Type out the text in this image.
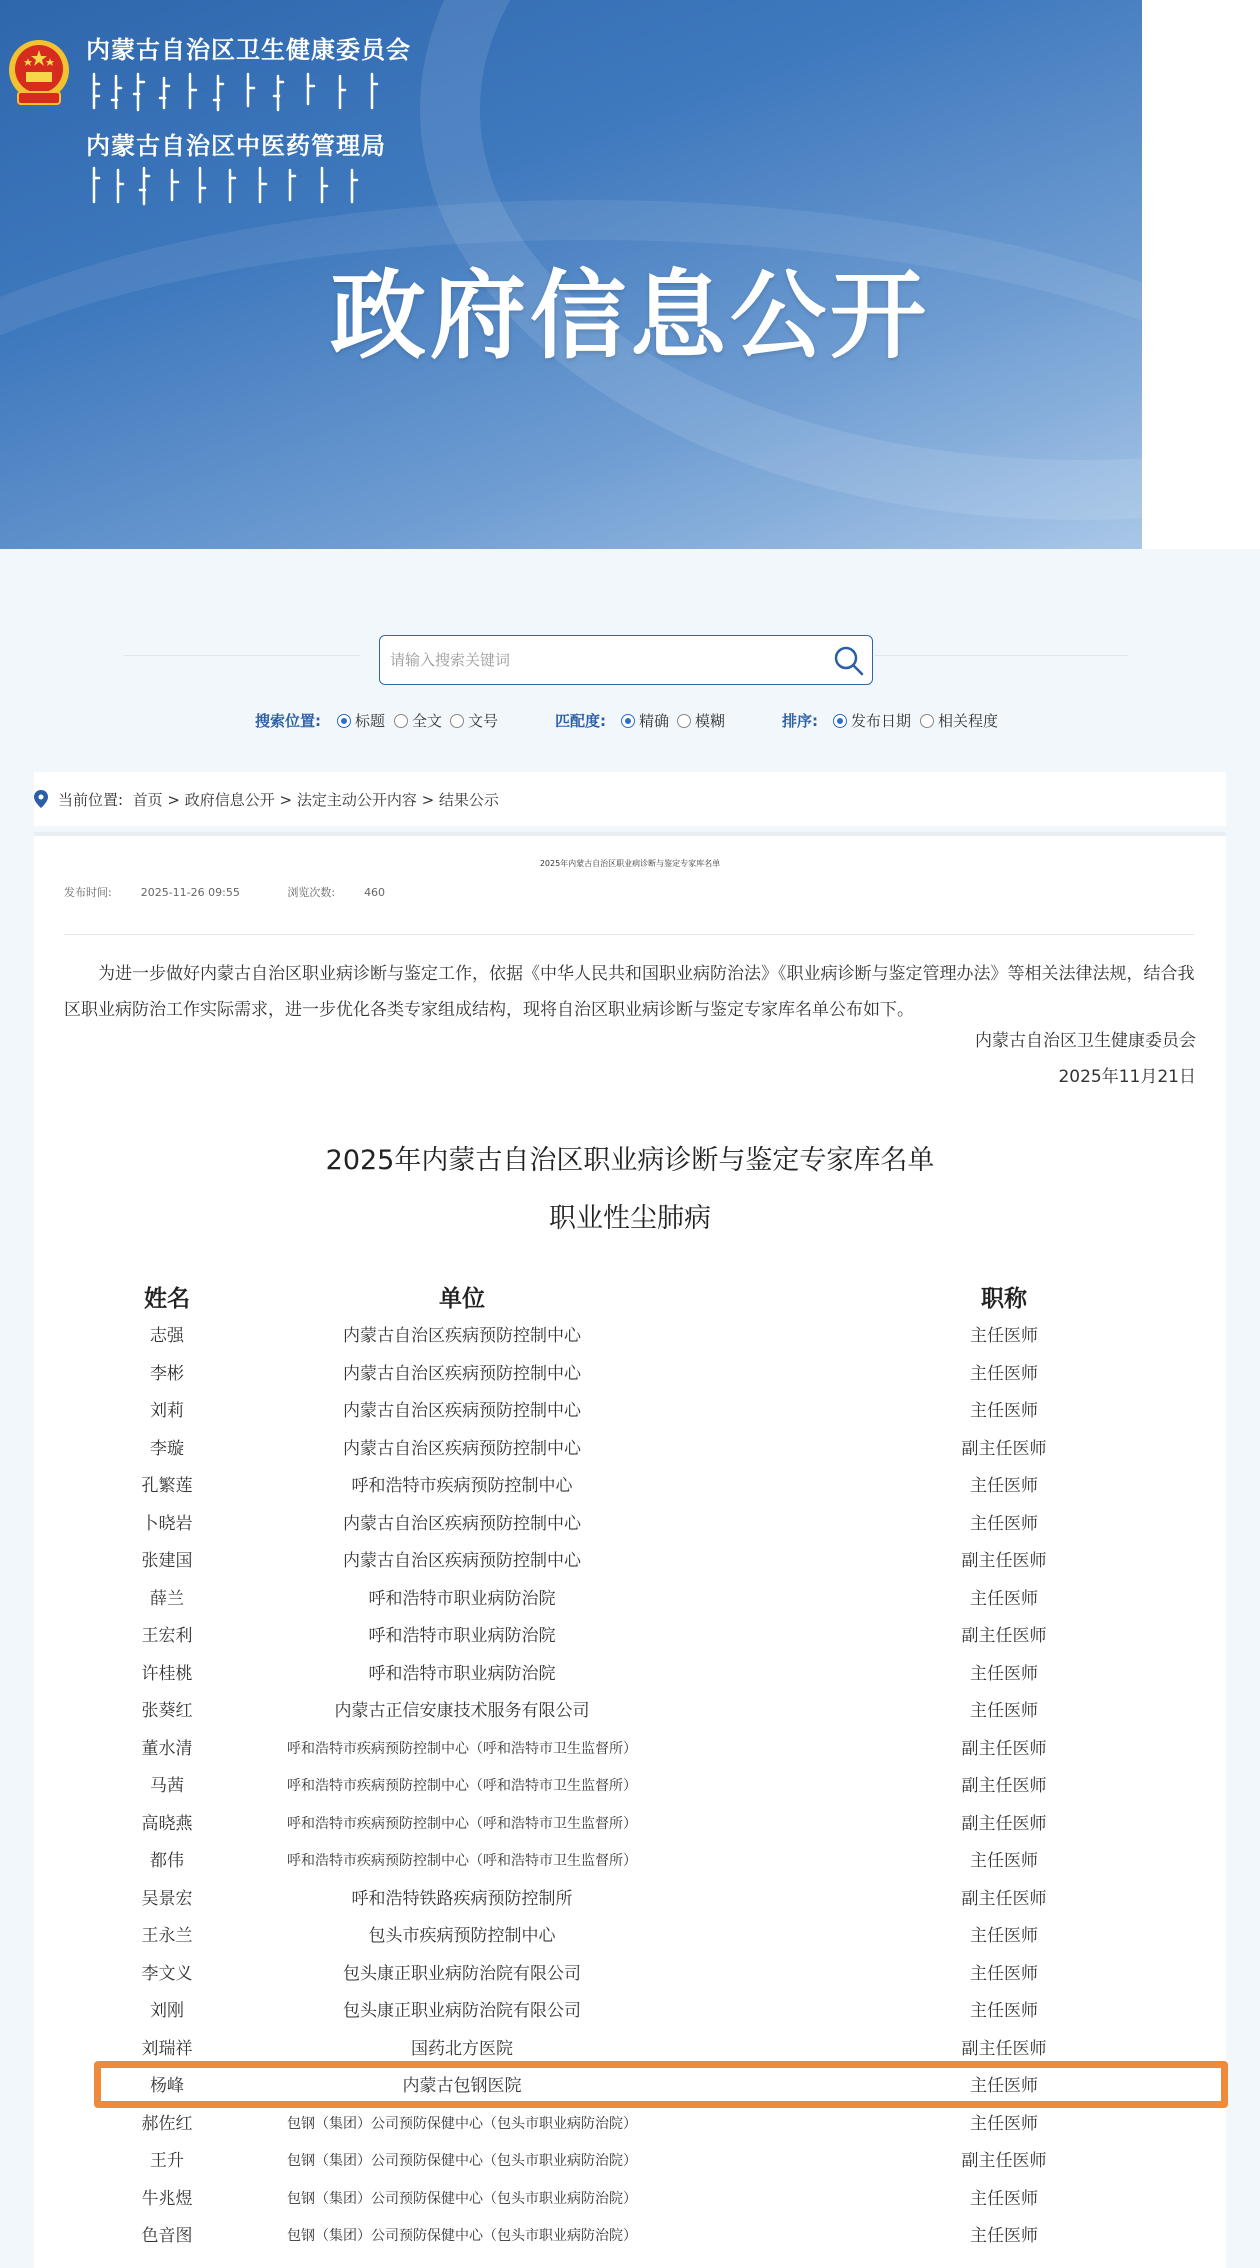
内蒙古自治区卫生健康委员会
内蒙古自治区中医药管理局
政府信息公开
请输入搜索关键词
搜索位置: 标题 全文 文号	匹配度: 精确 模糊	排序: 发布日期 相关程度
当前位置: 首页 > 政府信息公开 > 法定主动公开内容 > 结果公示
2025年内蒙古自治区职业病诊断与鉴定专家库名单
发布时间:	2025-11-26 09:55	浏览次数:	460
为进一步做好内蒙古自治区职业病诊断与鉴定工作，依据《中华人民共和国职业病防治法》《职业病诊断与鉴定管理办法》等相关法律法规，结合我区职业病防治工作实际需求，进一步优化各类专家组成结构，现将自治区职业病诊断与鉴定专家库名单公布如下。
内蒙古自治区卫生健康委员会
2025年11月21日
2025年内蒙古自治区职业病诊断与鉴定专家库名单
职业性尘肺病
姓名	单位	职称
志强	内蒙古自治区疾病预防控制中心	主任医师
李彬	内蒙古自治区疾病预防控制中心	主任医师
刘莉	内蒙古自治区疾病预防控制中心	主任医师
李璇	内蒙古自治区疾病预防控制中心	副主任医师
孔繁莲	呼和浩特市疾病预防控制中心	主任医师
卜晓岩	内蒙古自治区疾病预防控制中心	主任医师
张建国	内蒙古自治区疾病预防控制中心	副主任医师
薛兰	呼和浩特市职业病防治院	主任医师
王宏利	呼和浩特市职业病防治院	副主任医师
许桂桃	呼和浩特市职业病防治院	主任医师
张葵红	内蒙古正信安康技术服务有限公司	主任医师
董水清	呼和浩特市疾病预防控制中心（呼和浩特市卫生监督所）	副主任医师
马茜	呼和浩特市疾病预防控制中心（呼和浩特市卫生监督所）	副主任医师
高晓燕	呼和浩特市疾病预防控制中心（呼和浩特市卫生监督所）	副主任医师
都伟	呼和浩特市疾病预防控制中心（呼和浩特市卫生监督所）	主任医师
吴景宏	呼和浩特铁路疾病预防控制所	副主任医师
王永兰	包头市疾病预防控制中心	主任医师
李文义	包头康正职业病防治院有限公司	主任医师
刘刚	包头康正职业病防治院有限公司	主任医师
刘瑞祥	国药北方医院	副主任医师
杨峰	内蒙古包钢医院	主任医师
郝佐红	包钢（集团）公司预防保健中心（包头市职业病防治院）	主任医师
王升	包钢（集团）公司预防保健中心（包头市职业病防治院）	副主任医师
牛兆煜	包钢（集团）公司预防保健中心（包头市职业病防治院）	主任医师
色音图	包钢（集团）公司预防保健中心（包头市职业病防治院）	主任医师
